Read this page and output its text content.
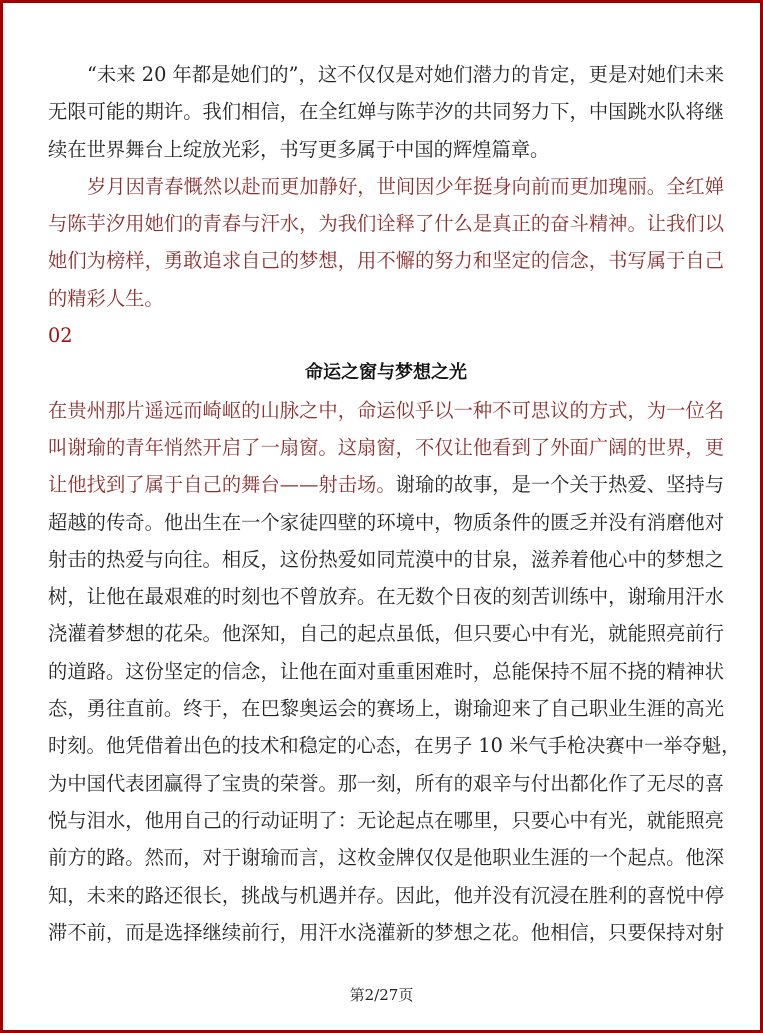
“未来 20 年都是她们的”，这不仅仅是对她们潜力的肯定，更是对她们未来
无限可能的期许。我们相信，在全红婵与陈芋汐的共同努力下，中国跳水队将继
续在世界舞台上绽放光彩，书写更多属于中国的辉煌篇章。
岁月因青春慨然以赴而更加静好，世间因少年挺身向前而更加瑰丽。全红婵
与陈芋汐用她们的青春与汗水，为我们诠释了什么是真正的奋斗精神。让我们以
她们为榜样，勇敢追求自己的梦想，用不懈的努力和坚定的信念，书写属于自己
的精彩人生。
02
命运之窗与梦想之光
在贵州那片遥远而崎岖的山脉之中，命运似乎以一种不可思议的方式，为一位名
叫谢瑜的青年悄然开启了一扇窗。这扇窗，不仅让他看到了外面广阔的世界，更
让他找到了属于自己的舞台——射击场。谢瑜的故事，是一个关于热爱、坚持与
超越的传奇。他出生在一个家徒四壁的环境中，物质条件的匮乏并没有消磨他对
射击的热爱与向往。相反，这份热爱如同荒漠中的甘泉，滋养着他心中的梦想之
树，让他在最艰难的时刻也不曾放弃。在无数个日夜的刻苦训练中，谢瑜用汗水
浇灌着梦想的花朵。他深知，自己的起点虽低，但只要心中有光，就能照亮前行
的道路。这份坚定的信念，让他在面对重重困难时，总能保持不屈不挠的精神状
态，勇往直前。终于，在巴黎奥运会的赛场上，谢瑜迎来了自己职业生涯的高光
时刻。他凭借着出色的技术和稳定的心态，在男子 10 米气手枪决赛中一举夺魁，
为中国代表团赢得了宝贵的荣誉。那一刻，所有的艰辛与付出都化作了无尽的喜
悦与泪水，他用自己的行动证明了：无论起点在哪里，只要心中有光，就能照亮
前方的路。然而，对于谢瑜而言，这枚金牌仅仅是他职业生涯的一个起点。他深
知，未来的路还很长，挑战与机遇并存。因此，他并没有沉浸在胜利的喜悦中停
滞不前，而是选择继续前行，用汗水浇灌新的梦想之花。他相信，只要保持对射
第2/27页
